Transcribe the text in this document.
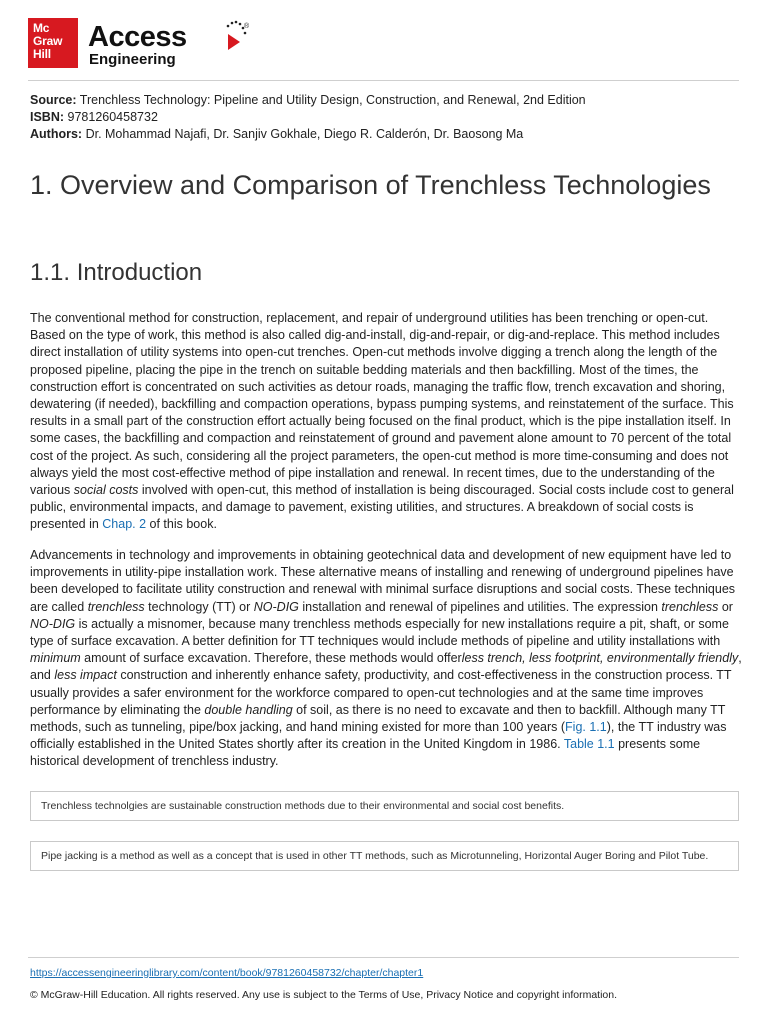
Mc
Graw
Hill
Access
Engineering
®
Source: Trenchless Technology: Pipeline and Utility Design, Construction, and Renewal, 2nd Edition
ISBN: 9781260458732
Authors: Dr. Mohammad Najafi, Dr. Sanjiv Gokhale, Diego R. Calderón, Dr. Baosong Ma
1. Overview and Comparison of Trenchless Technologies
1.1. Introduction

The conventional method for construction, replacement, and repair of underground utilities has been trenching or open-cut. Based on the type of work, this method is also called dig-and-install, dig-and-repair, or dig-and-replace. This method includes direct installation of utility systems into open-cut trenches. Open-cut methods involve digging a trench along the length of the proposed pipeline, placing the pipe in the trench on suitable bedding materials and then backfilling. Most of the times, the construction effort is concentrated on such activities as detour roads, managing the traffic flow, trench excavation and shoring, dewatering (if needed), backfilling and compaction operations, bypass pumping systems, and reinstatement of the surface. This results in a small part of the construction effort actually being focused on the final product, which is the pipe installation itself. In some cases, the backfilling and compaction and reinstatement of ground and pavement alone amount to 70 percent of the total cost of the project. As such, considering all the project parameters, the open-cut method is more time-consuming and does not always yield the most cost-effective method of pipe installation and renewal. In recent times, due to the understanding of the various social costs involved with open-cut, this method of installation is being discouraged. Social costs include cost to general public, environmental impacts, and damage to pavement, existing utilities, and structures. A breakdown of social costs is presented in Chap. 2 of this book.

Advancements in technology and improvements in obtaining geotechnical data and development of new equipment have led to improvements in utility-pipe installation work. These alternative means of installing and renewing of underground pipelines have been developed to facilitate utility construction and renewal with minimal surface disruptions and social costs. These techniques are called trenchless technology (TT) or NO-DIG installation and renewal of pipelines and utilities. The expression trenchless or NO-DIG is actually a misnomer, because many trenchless methods especially for new installations require a pit, shaft, or some type of surface excavation. A better definition for TT techniques would include methods of pipeline and utility installations with minimum amount of surface excavation. Therefore, these methods would offerless trench, less footprint, environmentally friendly, and less impact construction and inherently enhance safety, productivity, and cost-effectiveness in the construction process. TT usually provides a safer environment for the workforce compared to open-cut technologies and at the same time improves performance by eliminating the double handling of soil, as there is no need to excavate and then to backfill. Although many TT methods, such as tunneling, pipe/box jacking, and hand mining existed for more than 100 years (Fig. 1.1), the TT industry was officially established in the United States shortly after its creation in the United Kingdom in 1986. Table 1.1 presents some historical development of trenchless industry.

Trenchless technolgies are sustainable construction methods due to their environmental and social cost benefits.
Pipe jacking is a method as well as a concept that is used in other TT methods, such as Microtunneling, Horizontal Auger Boring and Pilot Tube.
https://accessengineeringlibrary.com/content/book/9781260458732/chapter/chapter1
© McGraw-Hill Education. All rights reserved. Any use is subject to the Terms of Use, Privacy Notice and copyright information.
